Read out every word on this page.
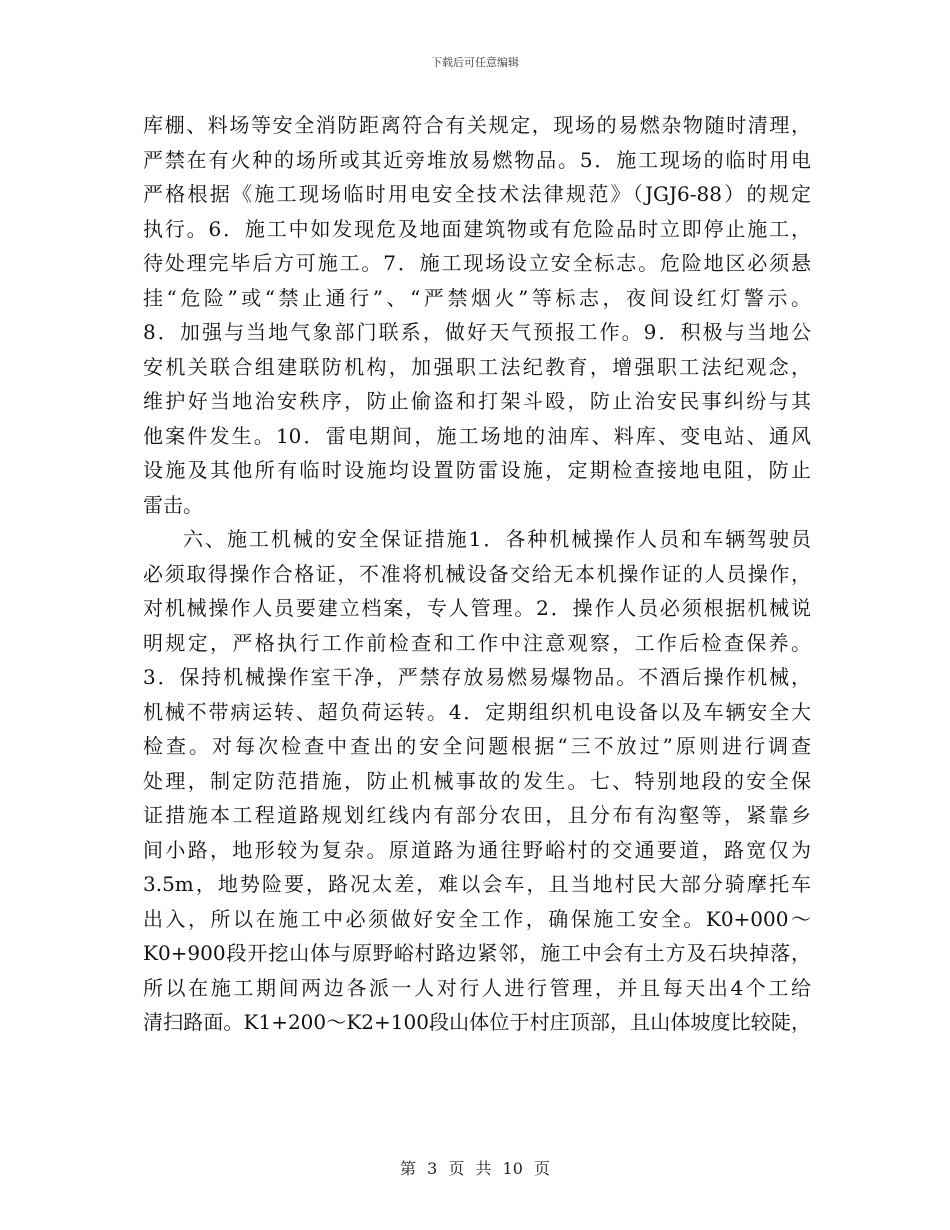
下载后可任意编辑
库棚、料场等安全消防距离符合有关规定，现场的易燃杂物随时清理，
严禁在有火种的场所或其近旁堆放易燃物品。5．施工现场的临时用电
严格根据《施工现场临时用电安全技术法律规范》（JGJ6-88）的规定
执行。6．施工中如发现危及地面建筑物或有危险品时立即停止施工，
待处理完毕后方可施工。7．施工现场设立安全标志。危险地区必须悬
挂“危险”或“禁止通行”、“严禁烟火”等标志，夜间设红灯警示。
8．加强与当地气象部门联系，做好天气预报工作。9．积极与当地公
安机关联合组建联防机构，加强职工法纪教育，增强职工法纪观念，
维护好当地治安秩序，防止偷盗和打架斗殴，防止治安民事纠纷与其
他案件发生。10．雷电期间，施工场地的油库、料库、变电站、通风
设施及其他所有临时设施均设置防雷设施，定期检查接地电阻，防止
雷击。
六、施工机械的安全保证措施1．各种机械操作人员和车辆驾驶员
必须取得操作合格证，不准将机械设备交给无本机操作证的人员操作，
对机械操作人员要建立档案，专人管理。2．操作人员必须根据机械说
明规定，严格执行工作前检查和工作中注意观察，工作后检查保养。
3．保持机械操作室干净，严禁存放易燃易爆物品。不酒后操作机械，
机械不带病运转、超负荷运转。4．定期组织机电设备以及车辆安全大
检查。对每次检查中查出的安全问题根据“三不放过”原则进行调查
处理，制定防范措施，防止机械事故的发生。七、特别地段的安全保
证措施本工程道路规划红线内有部分农田，且分布有沟壑等，紧靠乡
间小路，地形较为复杂。原道路为通往野峪村的交通要道，路宽仅为
3.5m，地势险要，路况太差，难以会车，且当地村民大部分骑摩托车
出入，所以在施工中必须做好安全工作，确保施工安全。K0+000～
K0+900段开挖山体与原野峪村路边紧邻，施工中会有土方及石块掉落，
所以在施工期间两边各派一人对行人进行管理，并且每天出4个工给
清扫路面。K1+200～K2+100段山体位于村庄顶部，且山体坡度比较陡，
第 3 页 共 10 页
